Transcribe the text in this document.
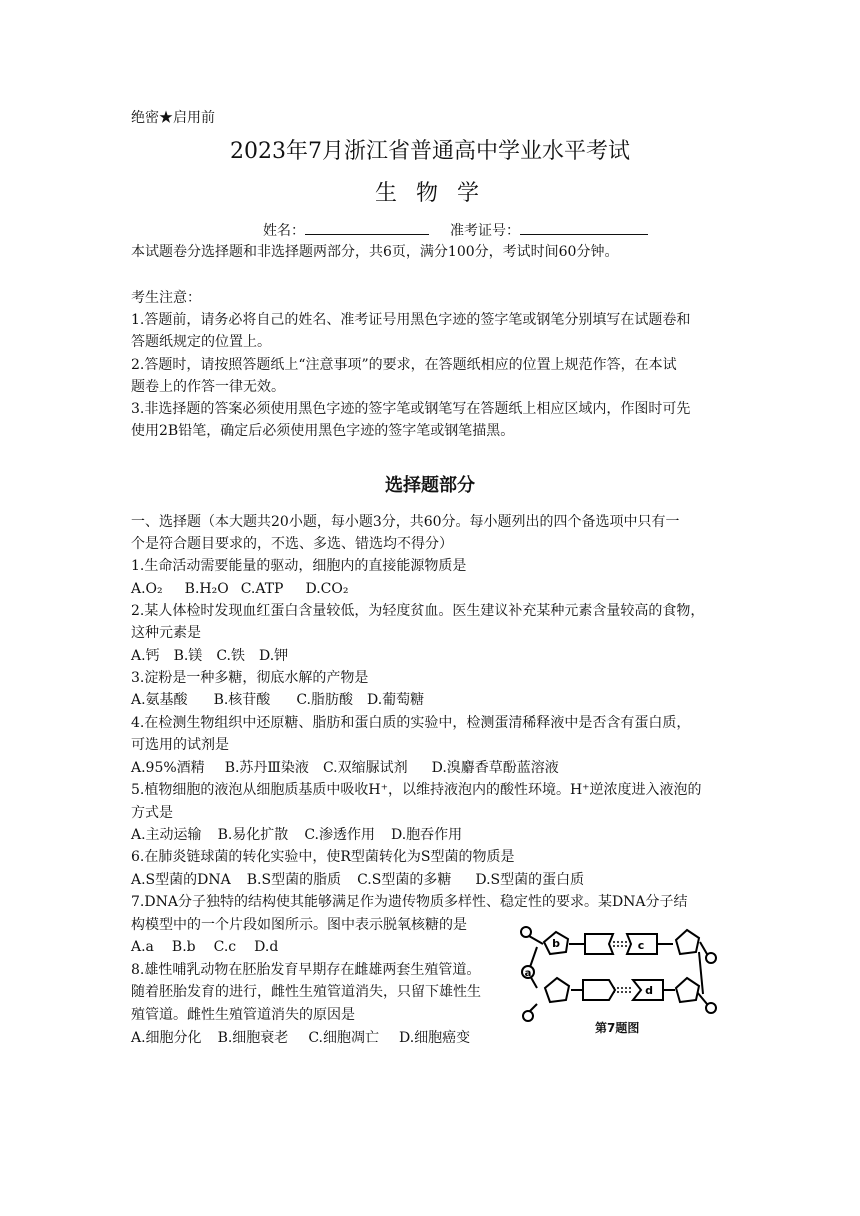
绝密★启用前
2023年7月浙江省普通高中学业水平考试
生 物 学
姓名：	准考证号：
本试题卷分选择题和非选择题两部分，共6页，满分100分，考试时间60分钟。
考生注意：
1.答题前，请务必将自己的姓名、准考证号用黑色字迹的签字笔或钢笔分别填写在试题卷和
答题纸规定的位置上。
2.答题时，请按照答题纸上“注意事项”的要求，在答题纸相应的位置上规范作答，在本试
题卷上的作答一律无效。
3.非选择题的答案必须使用黑色字迹的签字笔或钢笔写在答题纸上相应区域内，作图时可先
使用2B铅笔，确定后必须使用黑色字迹的签字笔或钢笔描黑。
选择题部分
一、选择题（本大题共20小题，每小题3分，共60分。每小题列出的四个备选项中只有一
个是符合题目要求的，不选、多选、错选均不得分）
1.生命活动需要能量的驱动，细胞内的直接能源物质是
A.O₂ B.H₂O C.ATP D.CO₂
2.某人体检时发现血红蛋白含量较低，为轻度贫血。医生建议补充某种元素含量较高的食物，
这种元素是
A.钙 B.镁 C.铁 D.钾
3.淀粉是一种多糖，彻底水解的产物是
A.氨基酸 B.核苷酸 C.脂肪酸 D.葡萄糖
4.在检测生物组织中还原糖、脂肪和蛋白质的实验中，检测蛋清稀释液中是否含有蛋白质，
可选用的试剂是
A.95%酒精 B.苏丹Ⅲ染液 C.双缩脲试剂 D.溴麝香草酚蓝溶液
5.植物细胞的液泡从细胞质基质中吸收H⁺，以维持液泡内的酸性环境。H⁺逆浓度进入液泡的
方式是
A.主动运输 B.易化扩散 C.渗透作用 D.胞吞作用
6.在肺炎链球菌的转化实验中，使R型菌转化为S型菌的物质是
A.S型菌的DNA B.S型菌的脂质 C.S型菌的多糖 D.S型菌的蛋白质
7.DNA分子独特的结构使其能够满足作为遗传物质多样性、稳定性的要求。某DNA分子结
构模型中的一个片段如图所示。图中表示脱氧核糖的是
A.a B.b C.c D.d
8.雄性哺乳动物在胚胎发育早期存在雌雄两套生殖管道。
随着胚胎发育的进行，雌性生殖管道消失，只留下雄性生
殖管道。雌性生殖管道消失的原因是
A.细胞分化 B.细胞衰老 C.细胞凋亡 D.细胞癌变
a
b	c
d
第7题图
